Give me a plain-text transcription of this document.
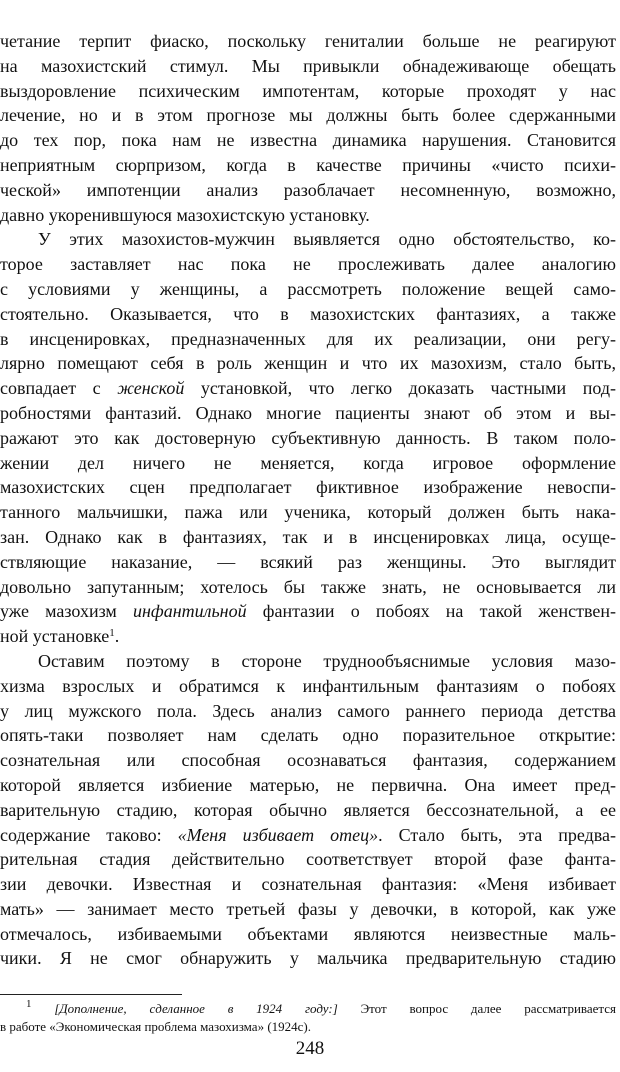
четание терпит фиаско, поскольку гениталии больше не реагируют
на мазохистский стимул. Мы привыкли обнадеживающе обещать
выздоровление психическим импотентам, которые проходят у нас
лечение, но и в этом прогнозе мы должны быть более сдержанными
до тех пор, пока нам не известна динамика нарушения. Становится
неприятным сюрпризом, когда в качестве причины «чисто психи-
ческой» импотенции анализ разоблачает несомненную, возможно,
давно укоренившуюся мазохистскую установку.
У этих мазохистов-мужчин выявляется одно обстоятельство, ко-
торое заставляет нас пока не прослеживать далее аналогию
с условиями у женщины, а рассмотреть положение вещей само-
стоятельно. Оказывается, что в мазохистских фантазиях, а также
в инсценировках, предназначенных для их реализации, они регу-
лярно помещают себя в роль женщин и что их мазохизм, стало быть,
совпадает с женской установкой, что легко доказать частными под-
робностями фантазий. Однако многие пациенты знают об этом и вы-
ражают это как достоверную субъективную данность. В таком поло-
жении дел ничего не меняется, когда игровое оформление
мазохистских сцен предполагает фиктивное изображение невоспи-
танного мальчишки, пажа или ученика, который должен быть нака-
зан. Однако как в фантазиях, так и в инсценировках лица, осуще-
ствляющие наказание, — всякий раз женщины. Это выглядит
довольно запутанным; хотелось бы также знать, не основывается ли
уже мазохизм инфантильной фантазии о побоях на такой женствен-
ной установке$^1$.
Оставим поэтому в стороне труднообъяснимые условия мазо-
хизма взрослых и обратимся к инфантильным фантазиям о побоях
у лиц мужского пола. Здесь анализ самого раннего периода детства
опять-таки позволяет нам сделать одно поразительное открытие:
сознательная или способная осознаваться фантазия, содержанием
которой является избиение матерью, не первична. Она имеет пред-
варительную стадию, которая обычно является бессознательной, а ее
содержание таково: «Меня избивает отец». Стало быть, эта предва-
рительная стадия действительно соответствует второй фазе фанта-
зии девочки. Известная и сознательная фантазия: «Меня избивает
мать» — занимает место третьей фазы у девочки, в которой, как уже
отмечалось, избиваемыми объектами являются неизвестные маль-
чики. Я не смог обнаружить у мальчика предварительную стадию
$^1$ [Дополнение, сделанное в 1924 году:] Этот вопрос далее рассматривается
в работе «Экономическая проблема мазохизма» (1924c).
248
